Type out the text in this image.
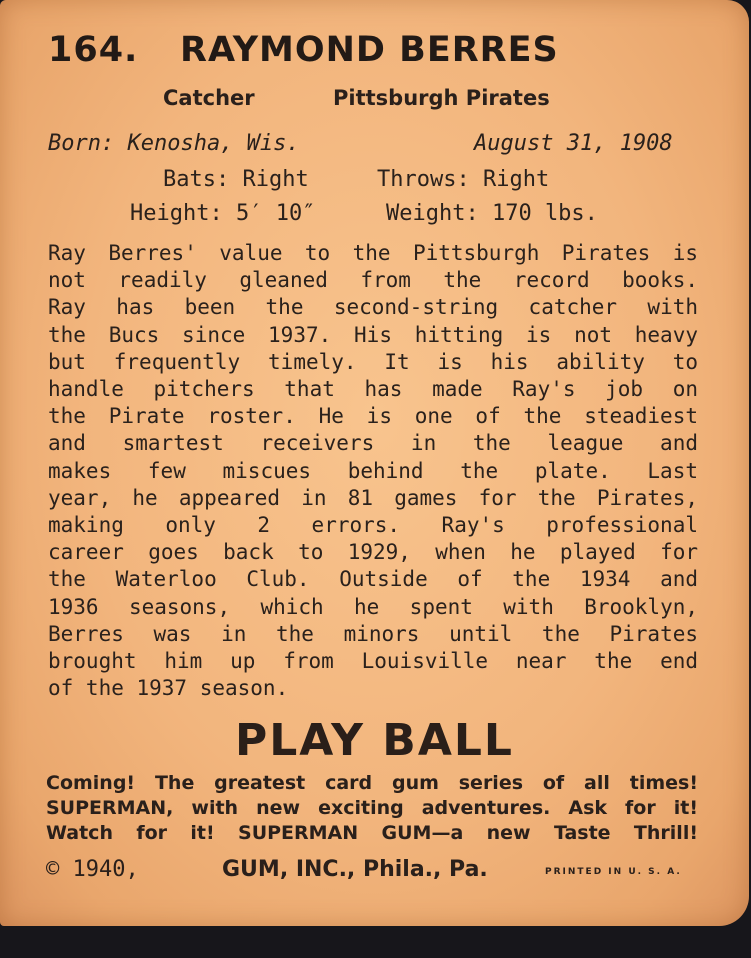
164. RAYMOND BERRES
Catcher	Pittsburgh Pirates
Born: Kenosha, Wis.	August 31, 1908
Bats: Right	Throws: Right
Height: 5′ 10″	Weight: 170 lbs.
Ray Berres' value to the Pittsburgh Pirates is
not readily gleaned from the record books.
Ray has been the second-string catcher with
the Bucs since 1937. His hitting is not heavy
but frequently timely. It is his ability to
handle pitchers that has made Ray's job on
the Pirate roster. He is one of the steadiest
and smartest receivers in the league and
makes few miscues behind the plate. Last
year, he appeared in 81 games for the Pirates,
making only 2 errors. Ray's professional
career goes back to 1929, when he played for
the Waterloo Club. Outside of the 1934 and
1936 seasons, which he spent with Brooklyn,
Berres was in the minors until the Pirates
brought him up from Louisville near the end
of the 1937 season.
PLAY BALL
Coming! The greatest card gum series of all times!
SUPERMAN, with new exciting adventures. Ask for it!
Watch for it! SUPERMAN GUM—a new Taste Thrill!
© 1940,	GUM, INC., Phila., Pa.	PRINTED IN U. S. A.
